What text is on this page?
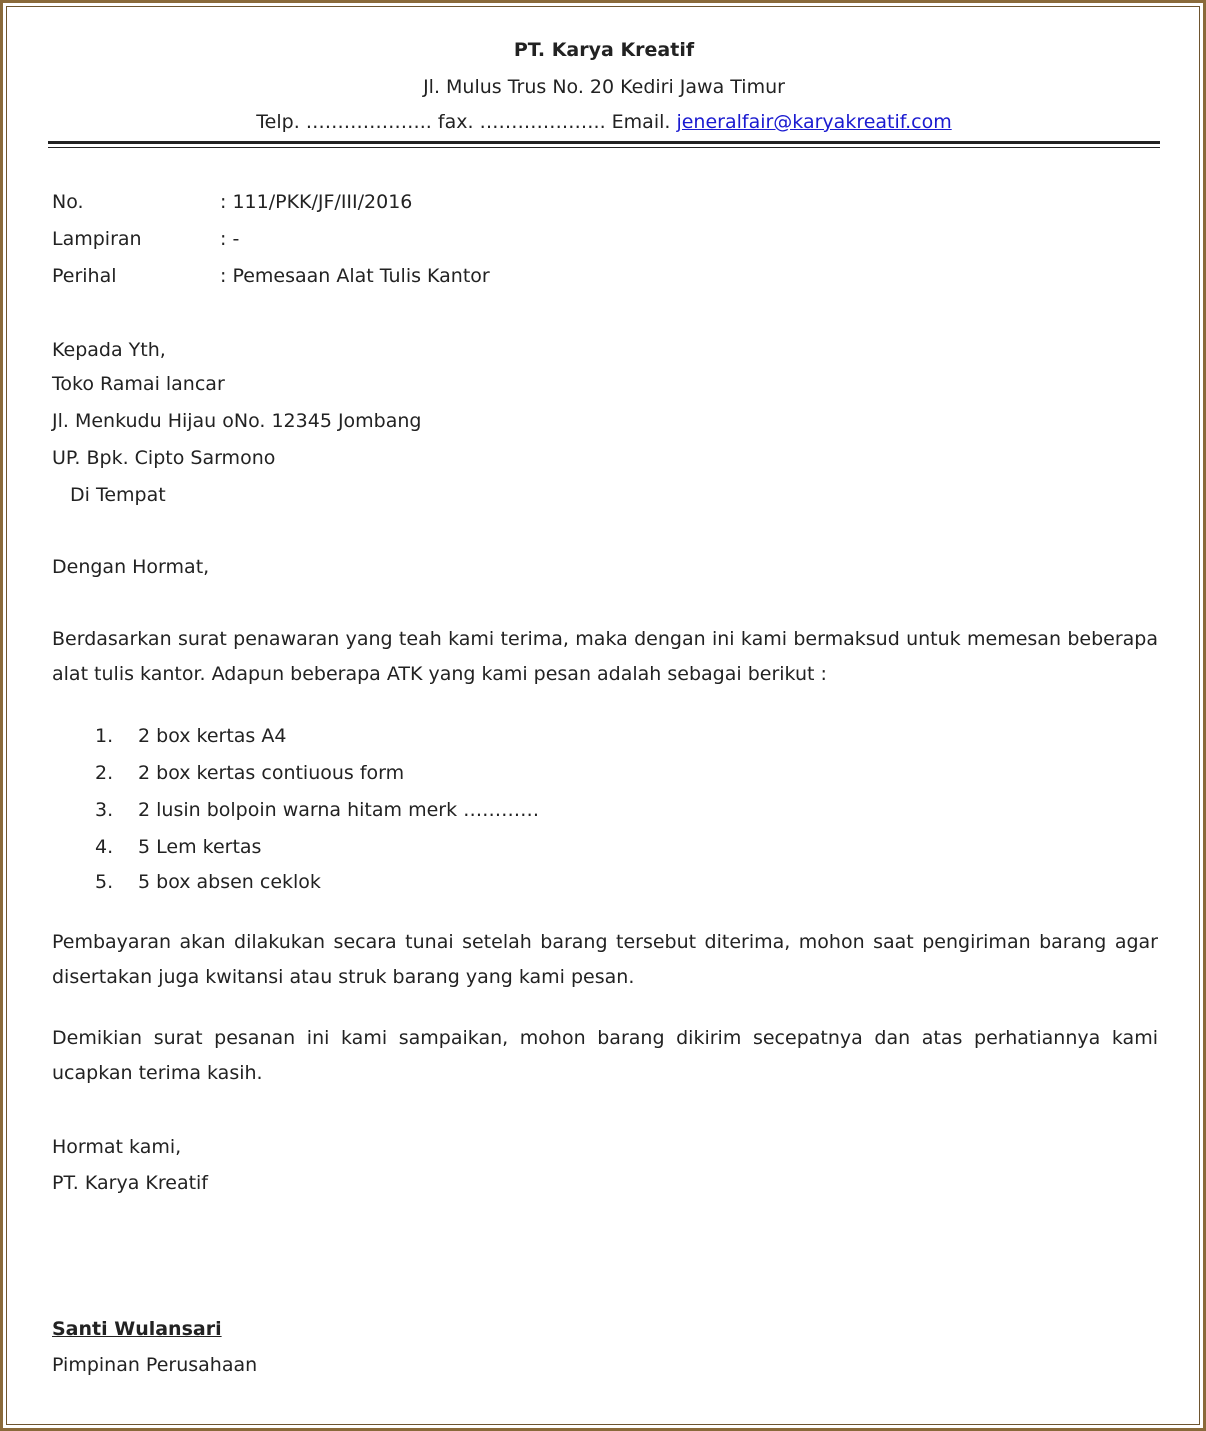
PT. Karya Kreatif
Jl. Mulus Trus No. 20 Kediri Jawa Timur
Telp. ……………….. fax. ……………….. Email. jeneralfair@karyakreatif.com
No.	: 111/PKK/JF/III/2016
Lampiran	: -
Perihal	: Pemesaan Alat Tulis Kantor
Kepada Yth,
Toko Ramai lancar
Jl. Menkudu Hijau oNo. 12345 Jombang
UP. Bpk. Cipto Sarmono
Di Tempat
Dengan Hormat,
Berdasarkan surat penawaran yang teah kami terima, maka dengan ini kami bermaksud untuk memesan beberapa alat tulis kantor. Adapun beberapa ATK yang kami pesan adalah sebagai berikut :
1. 2 box kertas A4
2. 2 box kertas contiuous form
3. 2 lusin bolpoin warna hitam merk …………
4. 5 Lem kertas
5. 5 box absen ceklok
Pembayaran akan dilakukan secara tunai setelah barang tersebut diterima, mohon saat pengiriman barang agar disertakan juga kwitansi atau struk barang yang kami pesan.
Demikian surat pesanan ini kami sampaikan, mohon barang dikirim secepatnya dan atas perhatiannya kami ucapkan terima kasih.
Hormat kami,
PT. Karya Kreatif
Santi Wulansari
Pimpinan Perusahaan
